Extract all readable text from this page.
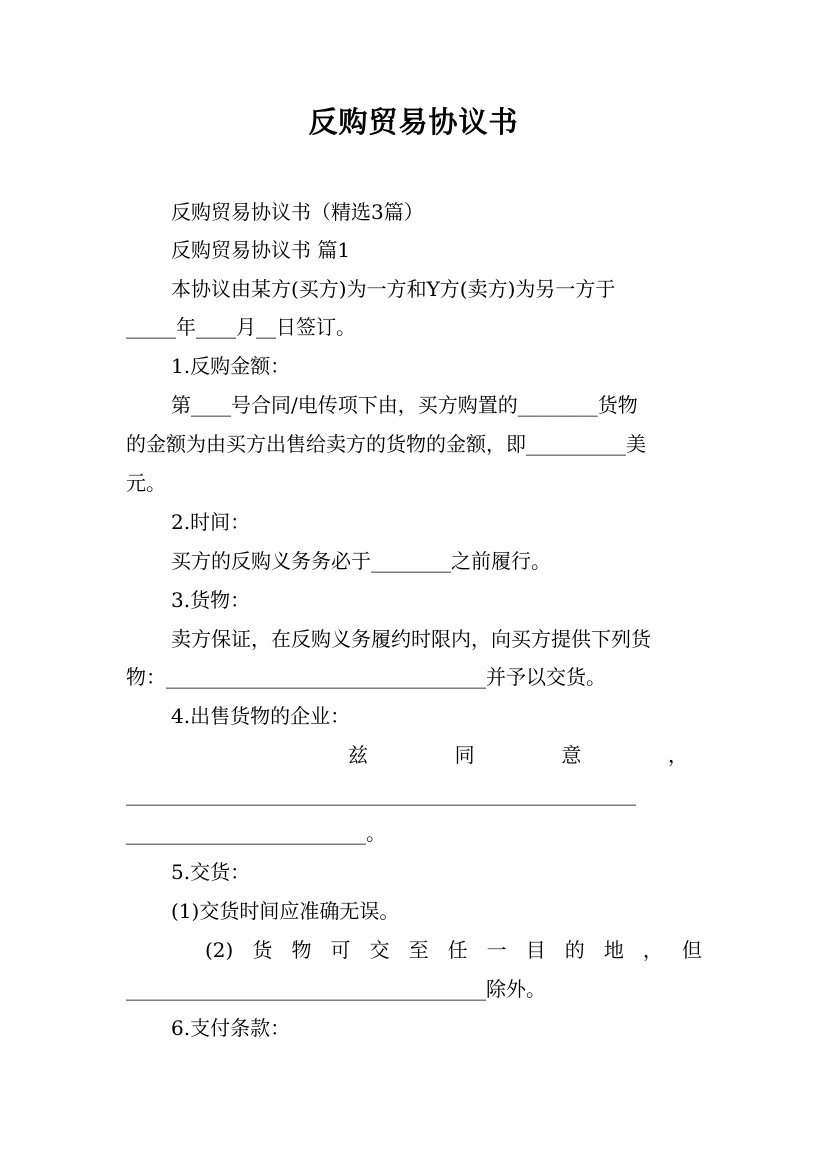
反购贸易协议书
反购贸易协议书（精选3篇）
反购贸易协议书 篇1
本协议由某方(买方)为一方和Y方(卖方)为另一方于
_____年____月__日签订。
1.反购金额：
第____号合同/电传项下由，买方购置的________货物
的金额为由买方出售给卖方的货物的金额，即__________美
元。
2.时间：
买方的反购义务务必于________之前履行。
3.货物：
卖方保证，在反购义务履约时限内，向买方提供下列货
物：________________________________并予以交货。
4.出售货物的企业：
兹	同	意	，
___________________________________________________
________________________。
5.交货：
(1)交货时间应准确无误。
(2) 货 物 可 交 至 任 一 目 的 地 ， 但
____________________________________除外。
6.支付条款：
